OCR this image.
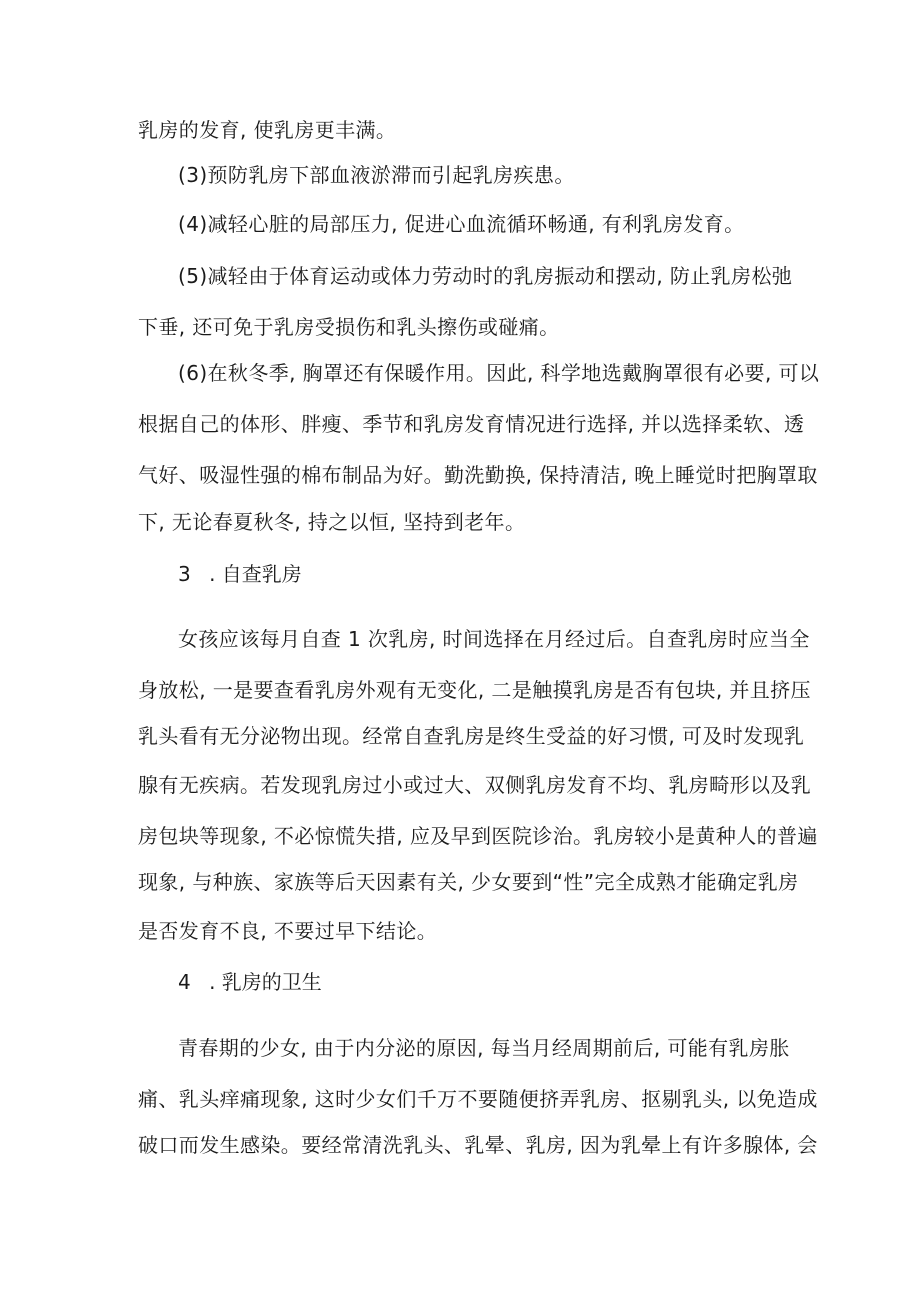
乳房的发育, 使乳房更丰满。
(3)预防乳房下部血液淤滞而引起乳房疾患。
(4)减轻心脏的局部压力, 促进心血流循环畅通, 有利乳房发育。
(5)减轻由于体育运动或体力劳动时的乳房振动和摆动, 防止乳房松弛
下垂, 还可免于乳房受损伤和乳头擦伤或碰痛。
(6)在秋冬季, 胸罩还有保暖作用。因此, 科学地选戴胸罩很有必要, 可以
根据自己的体形、胖瘦、季节和乳房发育情况进行选择, 并以选择柔软、透
气好、吸湿性强的棉布制品为好。勤洗勤换, 保持清洁, 晚上睡觉时把胸罩取
下, 无论春夏秋冬, 持之以恒, 坚持到老年。
3 . 自查乳房
女孩应该每月自查 1 次乳房, 时间选择在月经过后。自查乳房时应当全
身放松, 一是要查看乳房外观有无变化, 二是触摸乳房是否有包块, 并且挤压
乳头看有无分泌物出现。经常自查乳房是终生受益的好习惯, 可及时发现乳
腺有无疾病。若发现乳房过小或过大、双侧乳房发育不均、乳房畸形以及乳
房包块等现象, 不必惊慌失措, 应及早到医院诊治。乳房较小是黄种人的普遍
现象, 与种族、家族等后天因素有关, 少女要到“性”完全成熟才能确定乳房
是否发育不良, 不要过早下结论。
4 . 乳房的卫生
青春期的少女, 由于内分泌的原因, 每当月经周期前后, 可能有乳房胀
痛、乳头痒痛现象, 这时少女们千万不要随便挤弄乳房、抠剔乳头, 以免造成
破口而发生感染。要经常清洗乳头、乳晕、乳房, 因为乳晕上有许多腺体, 会
